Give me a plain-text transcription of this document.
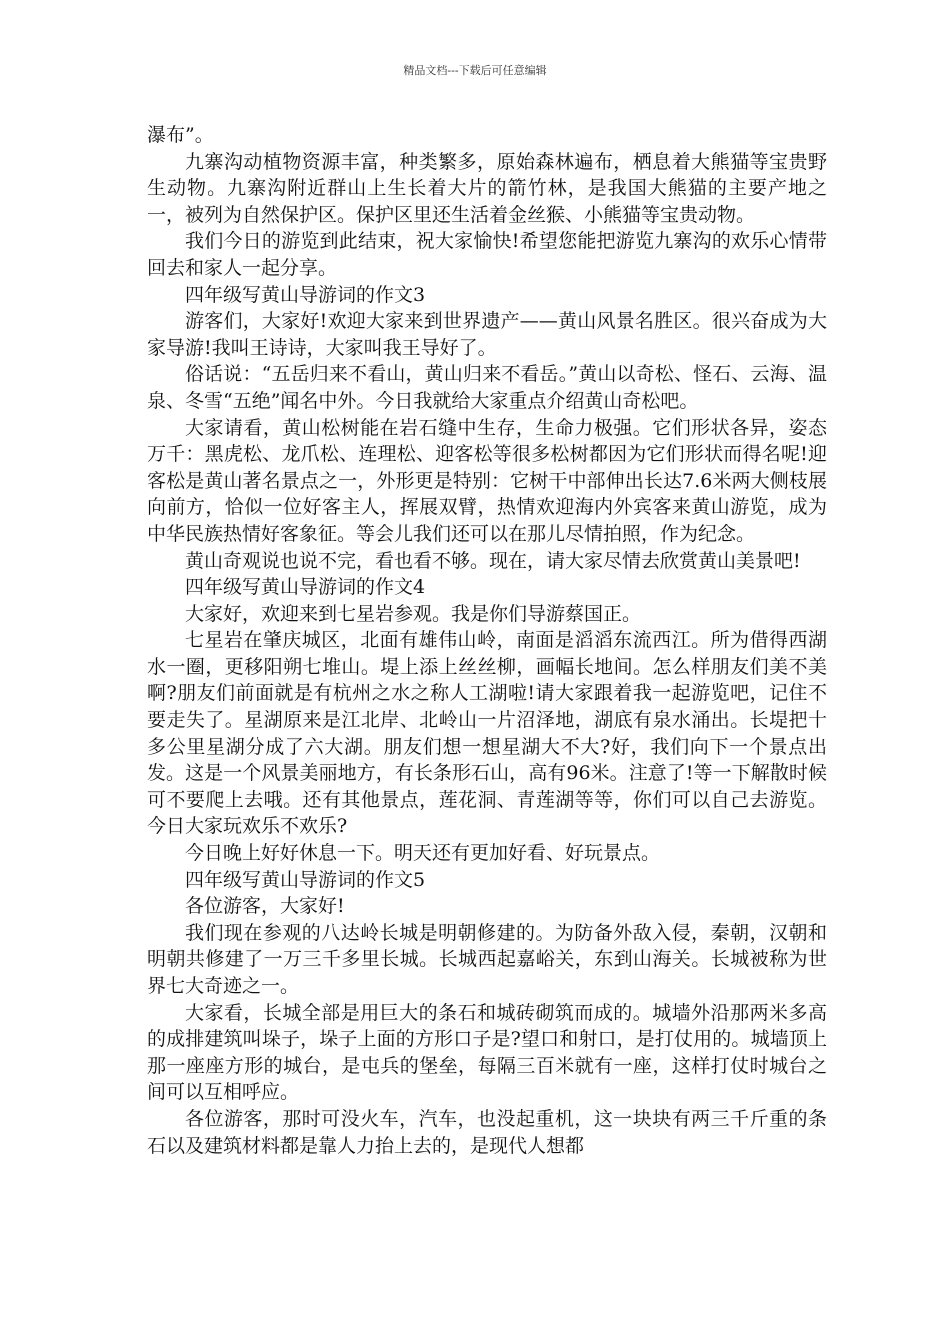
精品文档---下载后可任意编辑

瀑布”。

九寨沟动植物资源丰富，种类繁多，原始森林遍布，栖息着大熊猫等宝贵野生动物。九寨沟附近群山上生长着大片的箭竹林，是我国大熊猫的主要产地之一，被列为自然保护区。保护区里还生活着金丝猴、小熊猫等宝贵动物。

我们今日的游览到此结束，祝大家愉快!希望您能把游览九寨沟的欢乐心情带回去和家人一起分享。

四年级写黄山导游词的作文3

游客们，大家好!欢迎大家来到世界遗产——黄山风景名胜区。很兴奋成为大家导游!我叫王诗诗，大家叫我王导好了。

俗话说：“五岳归来不看山，黄山归来不看岳。”黄山以奇松、怪石、云海、温泉、冬雪“五绝”闻名中外。今日我就给大家重点介绍黄山奇松吧。

大家请看，黄山松树能在岩石缝中生存，生命力极强。它们形状各异，姿态万千：黑虎松、龙爪松、连理松、迎客松等很多松树都因为它们形状而得名呢!迎客松是黄山著名景点之一，外形更是特别：它树干中部伸出长达7.6米两大侧枝展向前方，恰似一位好客主人，挥展双臂，热情欢迎海内外宾客来黄山游览，成为中华民族热情好客象征。等会儿我们还可以在那儿尽情拍照，作为纪念。

黄山奇观说也说不完，看也看不够。现在，请大家尽情去欣赏黄山美景吧!

四年级写黄山导游词的作文4

大家好，欢迎来到七星岩参观。我是你们导游蔡国正。

七星岩在肇庆城区，北面有雄伟山岭，南面是滔滔东流西江。所为借得西湖水一圈，更移阳朔七堆山。堤上添上丝丝柳，画幅长地间。怎么样朋友们美不美啊?朋友们前面就是有杭州之水之称人工湖啦!请大家跟着我一起游览吧，记住不要走失了。星湖原来是江北岸、北岭山一片沼泽地，湖底有泉水涌出。长堤把十多公里星湖分成了六大湖。朋友们想一想星湖大不大?好，我们向下一个景点出发。这是一个风景美丽地方，有长条形石山，高有96米。注意了!等一下解散时候可不要爬上去哦。还有其他景点，莲花洞、青莲湖等等，你们可以自己去游览。今日大家玩欢乐不欢乐?

今日晚上好好休息一下。明天还有更加好看、好玩景点。

四年级写黄山导游词的作文5

各位游客，大家好!

我们现在参观的八达岭长城是明朝修建的。为防备外敌入侵，秦朝，汉朝和明朝共修建了一万三千多里长城。长城西起嘉峪关，东到山海关。长城被称为世界七大奇迹之一。

大家看，长城全部是用巨大的条石和城砖砌筑而成的。城墙外沿那两米多高的成排建筑叫垛子，垛子上面的方形口子是?望口和射口，是打仗用的。城墙顶上那一座座方形的城台，是屯兵的堡垒，每隔三百米就有一座，这样打仗时城台之间可以互相呼应。

各位游客，那时可没火车，汽车，也没起重机，这一块块有两三千斤重的条石以及建筑材料都是靠人力抬上去的，是现代人想都
